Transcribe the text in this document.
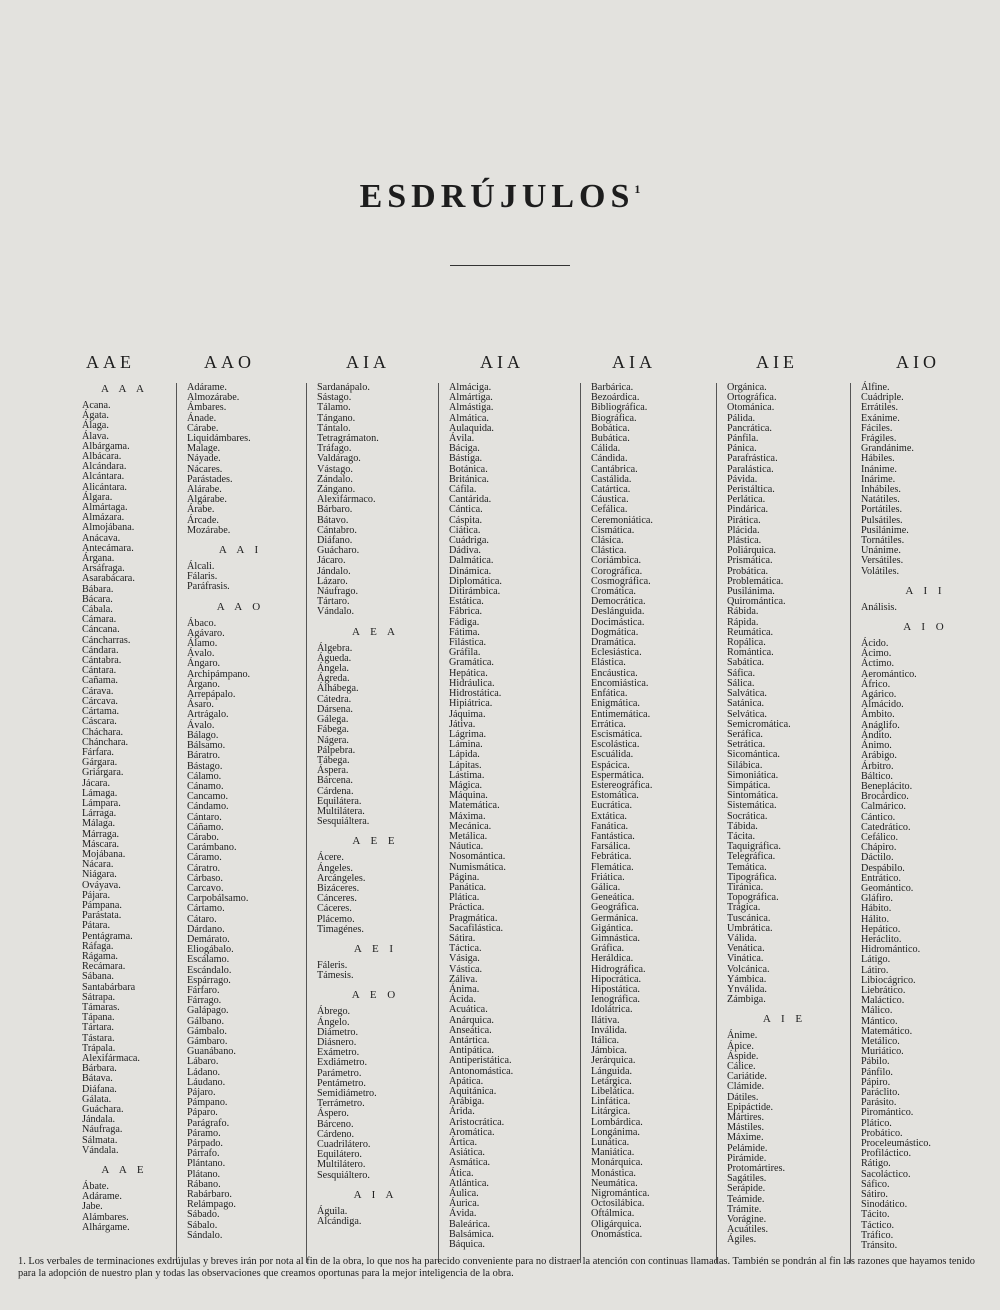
ESDRÚJULOS$^1$
AAE
A A A
Acana.
Ágata.
Álaga.
Álava.
Albárgama.
Albácara.
Alcándara.
Alcántara.
Alicántara.
Álgara.
Almártaga.
Almázara.
Almojábana.
Anácava.
Antecámara.
Árgana.
Arsáfraga.
Asarabácara.
Bábara.
Bácara.
Cábala.
Cámara.
Cáncana.
Cáncharras.
Cándara.
Cántabra.
Cántara.
Cañama.
Cárava.
Cárcava.
Cártama.
Cáscara.
Cháchara.
Chánchara.
Fárfara.
Gárgara.
Griárgara.
Jácara.
Lámaga.
Lámpara.
Lárraga.
Málaga.
Márraga.
Máscara.
Mojábana.
Nácara.
Niágara.
Ováyava.
Pájara.
Pámpana.
Parástata.
Pátara.
Pentágrama.
Ráfaga.
Rágama.
Recámara.
Sábana.
Santabárbara
Sátrapa.
Támaras.
Tápana.
Tártara.
Tástara.
Trápala.
Alexifármaca.
Bárbara.
Bátava.
Diáfana.
Gálata.
Guáchara.
Jándala.
Náufraga.
Sálmata.
Vándala.
A A E
Ábate.
Adárame.
Jabe.
Alámbares.
Alhárgame.
AAO
Adárame.
Almozárabe.
Ámbares.
Ánade.
Cárabe.
Liquidámbares.
Malage.
Náyade.
Nácares.
Parástades.
Alárabe.
Algárabe.
Árabe.
Árcade.
Mozárabe.
A A I
Álcali.
Fálaris.
Paráfrasis.
A A O
Ábaco.
Agávaro.
Álamo.
Ávalo.
Ángaro.
Archipámpano.
Árgano.
Arrepápalo.
Ásaro.
Artrágalo.
Ávalo.
Bálago.
Bálsamo.
Báratro.
Bástago.
Cálamo.
Cánamo.
Cancamo.
Cándamo.
Cántaro.
Cáñamo.
Cárabo.
Carámbano.
Cáramo.
Cáratro.
Cárbaso.
Carcavo.
Carpobálsamo.
Cártamo.
Cátaro.
Dárdano.
Demárato.
Eliogábalo.
Escálamo.
Escándalo.
Espárrago.
Fárfaro.
Fárrago.
Galápago.
Gálbano.
Gámbalo.
Gámbaro.
Guanábano.
Lábaro.
Ládano.
Láudano.
Pájaro.
Pámpano.
Páparo.
Parágrafo.
Páramo.
Párpado.
Párrafo.
Plántano.
Plátano.
Rábano.
Rabárbaro.
Relámpago.
Sábado.
Sábalo.
Sándalo.
AIA
Sardanápalo.
Sástago.
Tálamo.
Tángano.
Tántalo.
Tetragrámaton.
Tráfago.
Valdárago.
Vástago.
Zándalo.
Zángano.
Alexifármaco.
Bárbaro.
Bátavo.
Cántabro.
Diáfano.
Guácharo.
Jácaro.
Jándalo.
Lázaro.
Náufrago.
Tártaro.
Vándalo.
A E A
Álgebra.
Águeda.
Ángela.
Ágreda.
Álhábega.
Cátedra.
Dársena.
Gálega.
Fábega.
Nágera.
Pálpebra.
Tábega.
Áspera.
Bárcena.
Cárdena.
Equilátera.
Multilátera.
Sesquiáltera.
A E E
Ácere.
Ángeles.
Arcángeles.
Bizáceres.
Cánceres.
Cáceres.
Plácemo.
Timagénes.
A E I
Fáleris.
Támesis.
A E O
Ábrego.
Ángelo.
Diámetro.
Diásnero.
Exámetro.
Exdiámetro.
Parámetro.
Pentámetro.
Semidiámetro.
Terrámetro.
Áspero.
Bárceno.
Cárdeno.
Cuadrilátero.
Equilátero.
Multilátero.
Sesquiáltero.
A I A
Águila.
Alcándiga.
AIA
Almáciga.
Almártiga.
Almástiga.
Almática.
Aulaquida.
Ávila.
Báciga.
Bástiga.
Botánica.
Británica.
Cáfila.
Cantárida.
Cántica.
Cáspita.
Ciática.
Cuádriga.
Dádiva.
Dalmática.
Dinámica.
Diplomática.
Ditirámbica.
Estática.
Fábrica.
Fádiga.
Fátima.
Filástica.
Gráfila.
Gramática.
Hepática.
Hidráulica.
Hidrostática.
Hipiátrica.
Jáquima.
Játiva.
Lágrima.
Lámina.
Lápida.
Lápitas.
Lástima.
Mágica.
Máquina.
Matemática.
Máxima.
Mecánica.
Metálica.
Náutica.
Nosomántica.
Numismática.
Página.
Panática.
Plática.
Práctica.
Pragmática.
Sacafilástica.
Sátira.
Táctica.
Vásiga.
Vástica.
Záliva.
Ánima.
Ácida.
Acuática.
Anárquica.
Anseática.
Antártica.
Antipática.
Antiperistática.
Antonomástica.
Apática.
Aquitánica.
Arábiga.
Árida.
Aristocrática.
Aromática.
Ártica.
Asiática.
Asmática.
Ática.
Atlántica.
Áulica.
Áurica.
Ávida.
Baleárica.
Balsámica.
Báquica.
AIA
Barbárica.
Bezoárdica.
Bibliográfica.
Biográfica.
Bobática.
Bubática.
Cálida.
Cándida.
Cantábrica.
Castálida.
Catártica.
Cáustica.
Cefálica.
Ceremoniática.
Cismática.
Clásica.
Clástica.
Coriámbica.
Corográfica.
Cosmográfica.
Cromática.
Democrática.
Deslánguida.
Docimástica.
Dogmática.
Dramática.
Eclesiástica.
Elástica.
Encáustica.
Encomiástica.
Enfática.
Enigmática.
Entimemática.
Errática.
Escismática.
Escolástica.
Escuálida.
Espácica.
Espermática.
Estereográfica.
Estomática.
Eucrática.
Extática.
Fanática.
Fantástica.
Farsálica.
Febrática.
Flemática.
Friática.
Gálica.
Geneática.
Geográfica.
Germánica.
Gigántica.
Gimnástica.
Gráfica.
Heráldica.
Hidrográfica.
Hipocrática.
Hipostática.
Ienográfica.
Idolátrica.
Ilátiva.
Inválida.
Itálica.
Jámbica.
Jerárquica.
Lánguida.
Letárgica.
Libelática.
Linfática.
Litárgica.
Lombárdica.
Longánima.
Lunática.
Maniática.
Monárquica.
Monástica.
Neumática.
Nigromántica.
Octosilábica.
Oftálmica.
Oligárquica.
Onomástica.
AIE
Orgánica.
Ortográfica.
Otománica.
Pálida.
Pancrática.
Pánfila.
Pánica.
Parafrástica.
Paralástica.
Pávida.
Peristáltica.
Perlática.
Pindárica.
Pirática.
Plácida.
Plástica.
Poliárquica.
Prismática.
Probática.
Problemática.
Pusilánima.
Quiromántica.
Rábida.
Rápida.
Reumática.
Ropálica.
Romántica.
Sabática.
Sáfica.
Sálica.
Salvática.
Satánica.
Selvática.
Semicromática.
Seráfica.
Setrática.
Sicomántica.
Silábica.
Simoniática.
Simpática.
Sintomática.
Sistemática.
Socrática.
Tábida.
Tácita.
Taquigráfica.
Telegráfica.
Temática.
Tipográfica.
Tiránica.
Topográfica.
Trágica.
Tuscánica.
Umbrática.
Válida.
Venática.
Vinática.
Volcánica.
Yámbica.
Ynválida.
Zámbiga.
A I E
Ánime.
Ápice.
Áspide.
Cálice.
Cariátide.
Clámide.
Dátiles.
Epipáctide.
Mártires.
Mástiles.
Máxime.
Pelámide.
Pirámide.
Protomártires.
Sagátiles.
Serápide.
Teámide.
Trámite.
Vorágine.
Acuátiles.
Ágiles.
AIO
Álfine.
Cuádriple.
Errátiles.
Exánime.
Fáciles.
Frágiles.
Grandánime.
Hábiles.
Inánime.
Inárime.
Inhábiles.
Natátiles.
Portátiles.
Pulsátiles.
Pusilánime.
Tornátiles.
Unánime.
Versátiles.
Volátiles.
A I I
Análisis.
A I O
Ácido.
Ácimo.
Áctimo.
Aeromántico.
Áfrico.
Agárico.
Almácido.
Ámbito.
Anáglifo.
Ándito.
Ánimo.
Arábigo.
Árbitro.
Báltico.
Beneplácito.
Brocárdico.
Calmárico.
Cántico.
Catedrático.
Cefálico.
Chápiro.
Dáctilo.
Despábilo.
Entrático.
Geomántico.
Gláfiro.
Hábito.
Hálito.
Hepático.
Heráclito.
Hidromántico.
Látigo.
Látiro.
Libiocágrico.
Liebrático.
Maláctico.
Málico.
Mántico.
Matemático.
Metálico.
Muriático.
Pábilo.
Pánfilo.
Pápiro.
Paráclito.
Parásito.
Piromántico.
Plático.
Probático.
Proceleumástico.
Profiláctico.
Rátigo.
Sacoláctico.
Sáfico.
Sátiro.
Sinodático.
Tácito.
Táctico.
Tráfico.
Tránsito.
1. Los verbales de terminaciones exdrújulas y breves irán por nota al fin de la obra, lo que nos ha parecido conveniente para no distraer la atención con continuas llamadas. También se pondrán al fin las razones que hayamos tenido para la adopción de nuestro plan y todas las observaciones que creamos oportunas para la mejor inteligencia de la obra.
